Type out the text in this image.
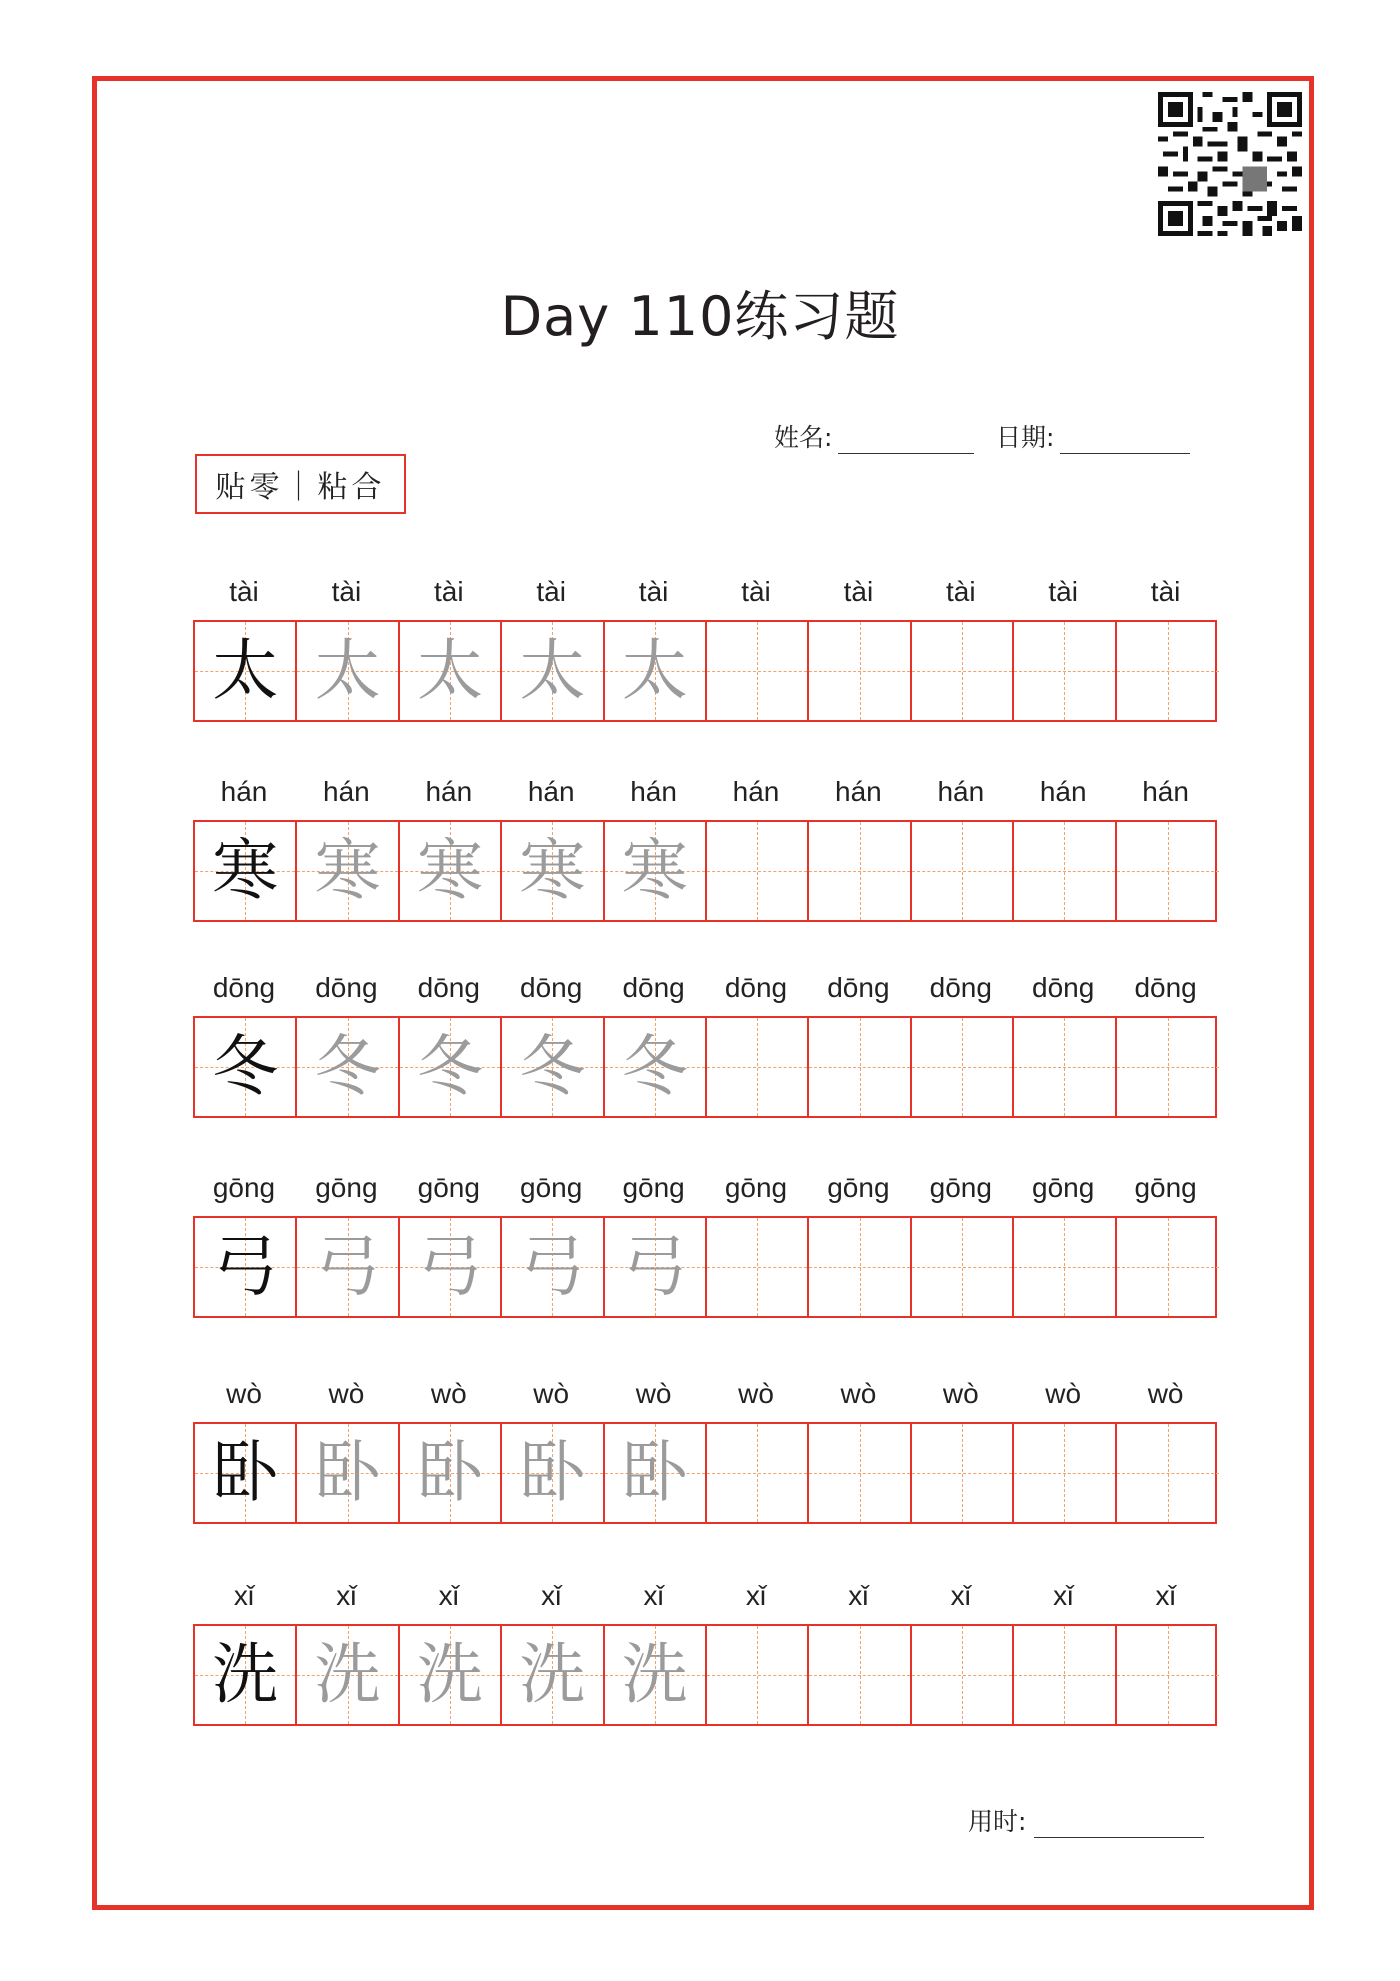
Day 110练习题
姓名:	日期:
贴零｜粘合
tài	tài	tài	tài	tài	tài	tài	tài	tài	tài
太 太 太 太 太
hán	hán	hán	hán	hán	hán	hán	hán	hán	hán
寒 寒 寒 寒 寒
dōng	dōng	dōng	dōng	dōng	dōng	dōng	dōng	dōng	dōng
冬 冬 冬 冬 冬
gōng	gōng	gōng	gōng	gōng	gōng	gōng	gōng	gōng	gōng
弓 弓 弓 弓 弓
wò	wò	wò	wò	wò	wò	wò	wò	wò	wò
卧 卧 卧 卧 卧
xǐ	xǐ	xǐ	xǐ	xǐ	xǐ	xǐ	xǐ	xǐ	xǐ
洗 洗 洗 洗 洗
用时:
